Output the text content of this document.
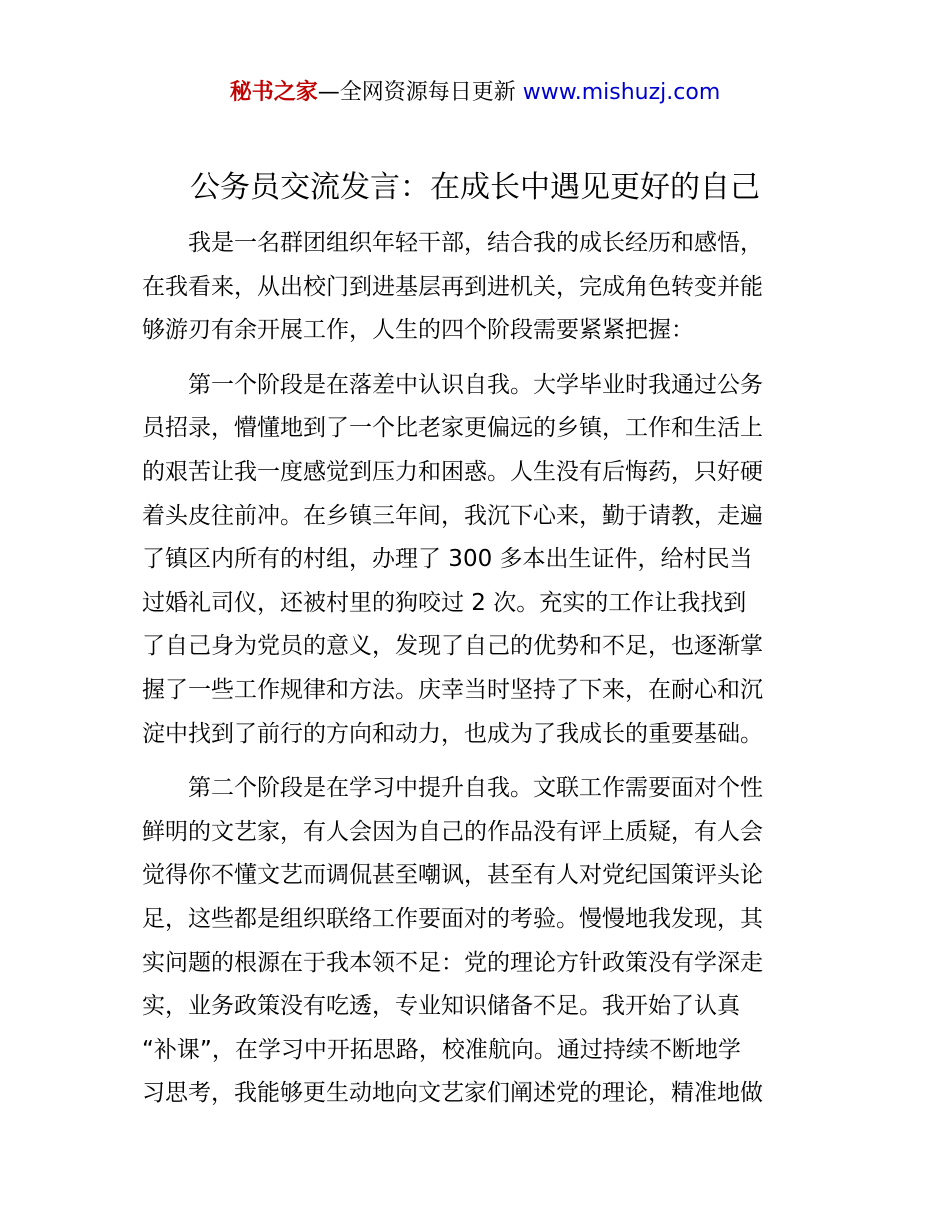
秘书之家—全网资源每日更新 www.mishuzj.com
公务员交流发言：在成长中遇见更好的自己
我是一名群团组织年轻干部，结合我的成长经历和感悟，
在我看来，从出校门到进基层再到进机关，完成角色转变并能
够游刃有余开展工作，人生的四个阶段需要紧紧把握：
第一个阶段是在落差中认识自我。大学毕业时我通过公务
员招录，懵懂地到了一个比老家更偏远的乡镇，工作和生活上
的艰苦让我一度感觉到压力和困惑。人生没有后悔药，只好硬
着头皮往前冲。在乡镇三年间，我沉下心来，勤于请教，走遍
了镇区内所有的村组，办理了 300 多本出生证件，给村民当
过婚礼司仪，还被村里的狗咬过 2 次。充实的工作让我找到
了自己身为党员的意义，发现了自己的优势和不足，也逐渐掌
握了一些工作规律和方法。庆幸当时坚持了下来，在耐心和沉
淀中找到了前行的方向和动力，也成为了我成长的重要基础。
第二个阶段是在学习中提升自我。文联工作需要面对个性
鲜明的文艺家，有人会因为自己的作品没有评上质疑，有人会
觉得你不懂文艺而调侃甚至嘲讽，甚至有人对党纪国策评头论
足，这些都是组织联络工作要面对的考验。慢慢地我发现，其
实问题的根源在于我本领不足：党的理论方针政策没有学深走
实，业务政策没有吃透，专业知识储备不足。我开始了认真
“补课”，在学习中开拓思路，校准航向。通过持续不断地学
习思考，我能够更生动地向文艺家们阐述党的理论，精准地做
